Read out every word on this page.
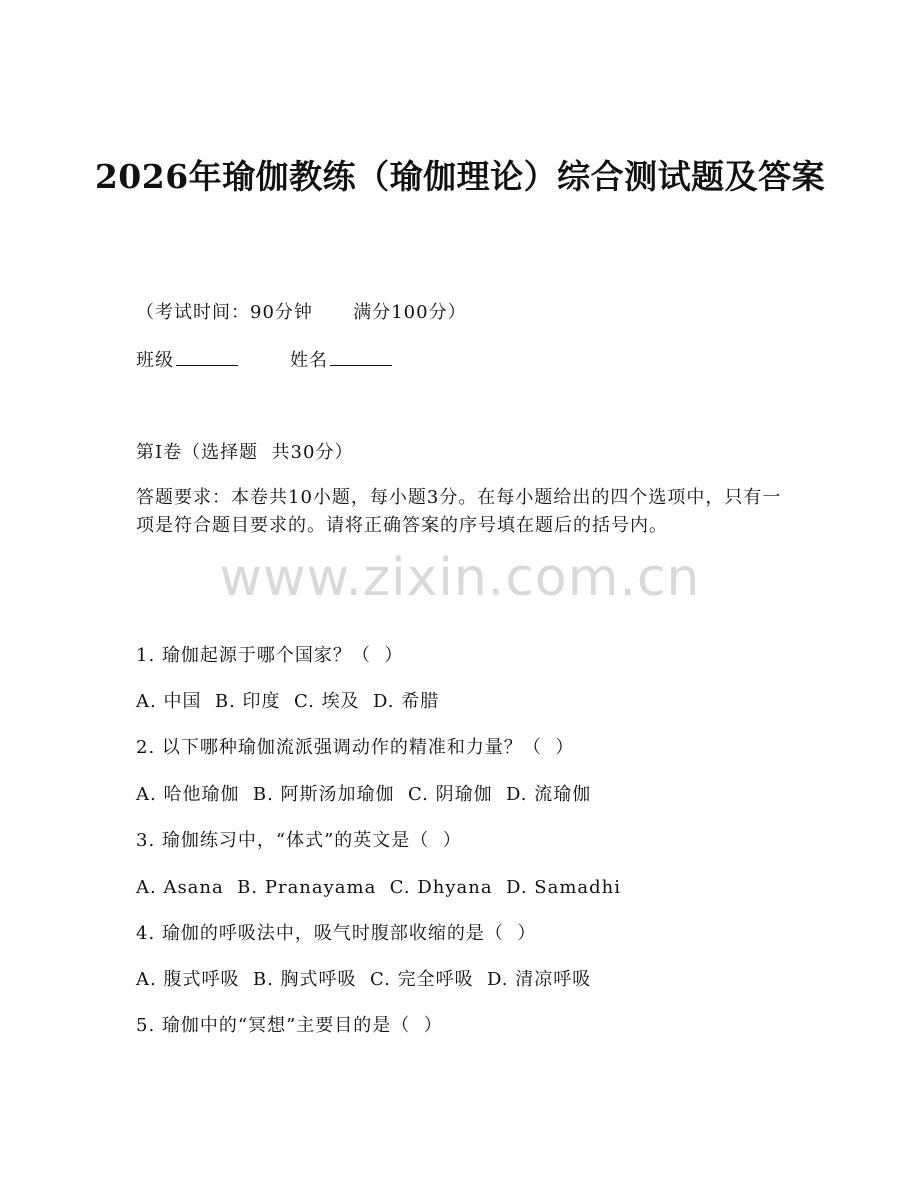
2026年瑜伽教练（瑜伽理论）综合测试题及答案
（考试时间：90分钟      满分100分）
班级	姓名
第I卷（选择题  共30分）
答题要求：本卷共10小题，每小题3分。在每小题给出的四个选项中，只有一项是符合题目要求的。请将正确答案的序号填在题后的括号内。
www.zixin.com.cn
1. 瑜伽起源于哪个国家？（  ）
A. 中国  B. 印度  C. 埃及  D. 希腊
2. 以下哪种瑜伽流派强调动作的精准和力量？（  ）
A. 哈他瑜伽  B. 阿斯汤加瑜伽  C. 阴瑜伽  D. 流瑜伽
3. 瑜伽练习中，“体式”的英文是（  ）
A. Asana  B. Pranayama  C. Dhyana  D. Samadhi
4. 瑜伽的呼吸法中，吸气时腹部收缩的是（  ）
A. 腹式呼吸  B. 胸式呼吸  C. 完全呼吸  D. 清凉呼吸
5. 瑜伽中的“冥想”主要目的是（  ）
